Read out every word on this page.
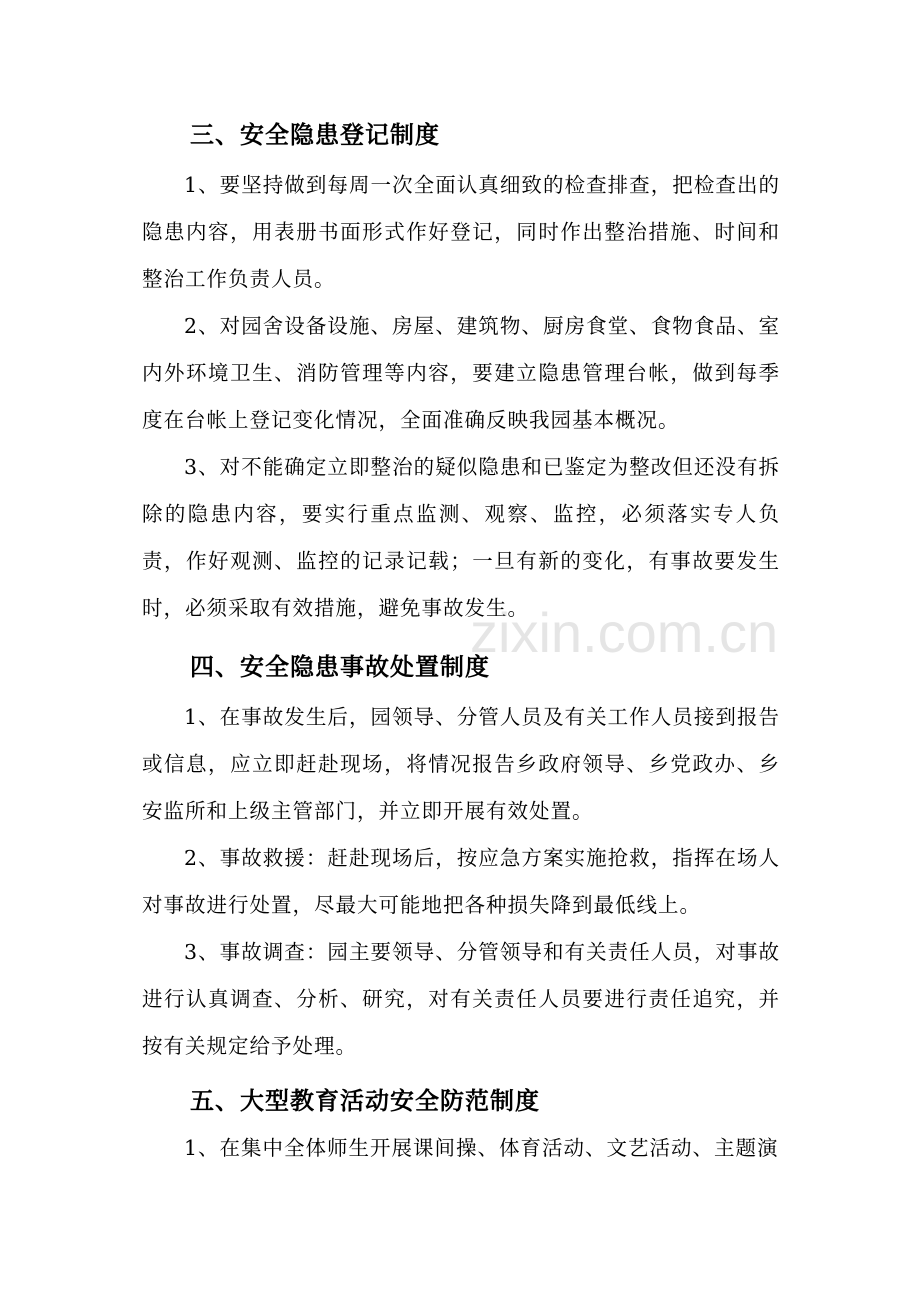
三、安全隐患登记制度
1、要坚持做到每周一次全面认真细致的检查排查，把检查出的隐患内容，用表册书面形式作好登记，同时作出整治措施、时间和整治工作负责人员。
2、对园舍设备设施、房屋、建筑物、厨房食堂、食物食品、室内外环境卫生、消防管理等内容，要建立隐患管理台帐，做到每季度在台帐上登记变化情况，全面准确反映我园基本概况。
3、对不能确定立即整治的疑似隐患和已鉴定为整改但还没有拆除的隐患内容，要实行重点监测、观察、监控，必须落实专人负责，作好观测、监控的记录记载；一旦有新的变化，有事故要发生时，必须采取有效措施，避免事故发生。
四、安全隐患事故处置制度
1、在事故发生后，园领导、分管人员及有关工作人员接到报告或信息，应立即赶赴现场，将情况报告乡政府领导、乡党政办、乡安监所和上级主管部门，并立即开展有效处置。
2、事故救援：赶赴现场后，按应急方案实施抢救，指挥在场人对事故进行处置，尽最大可能地把各种损失降到最低线上。
3、事故调查：园主要领导、分管领导和有关责任人员，对事故进行认真调查、分析、研究，对有关责任人员要进行责任追究，并按有关规定给予处理。
五、大型教育活动安全防范制度
1、在集中全体师生开展课间操、体育活动、文艺活动、主题演
zixin.com.cn
